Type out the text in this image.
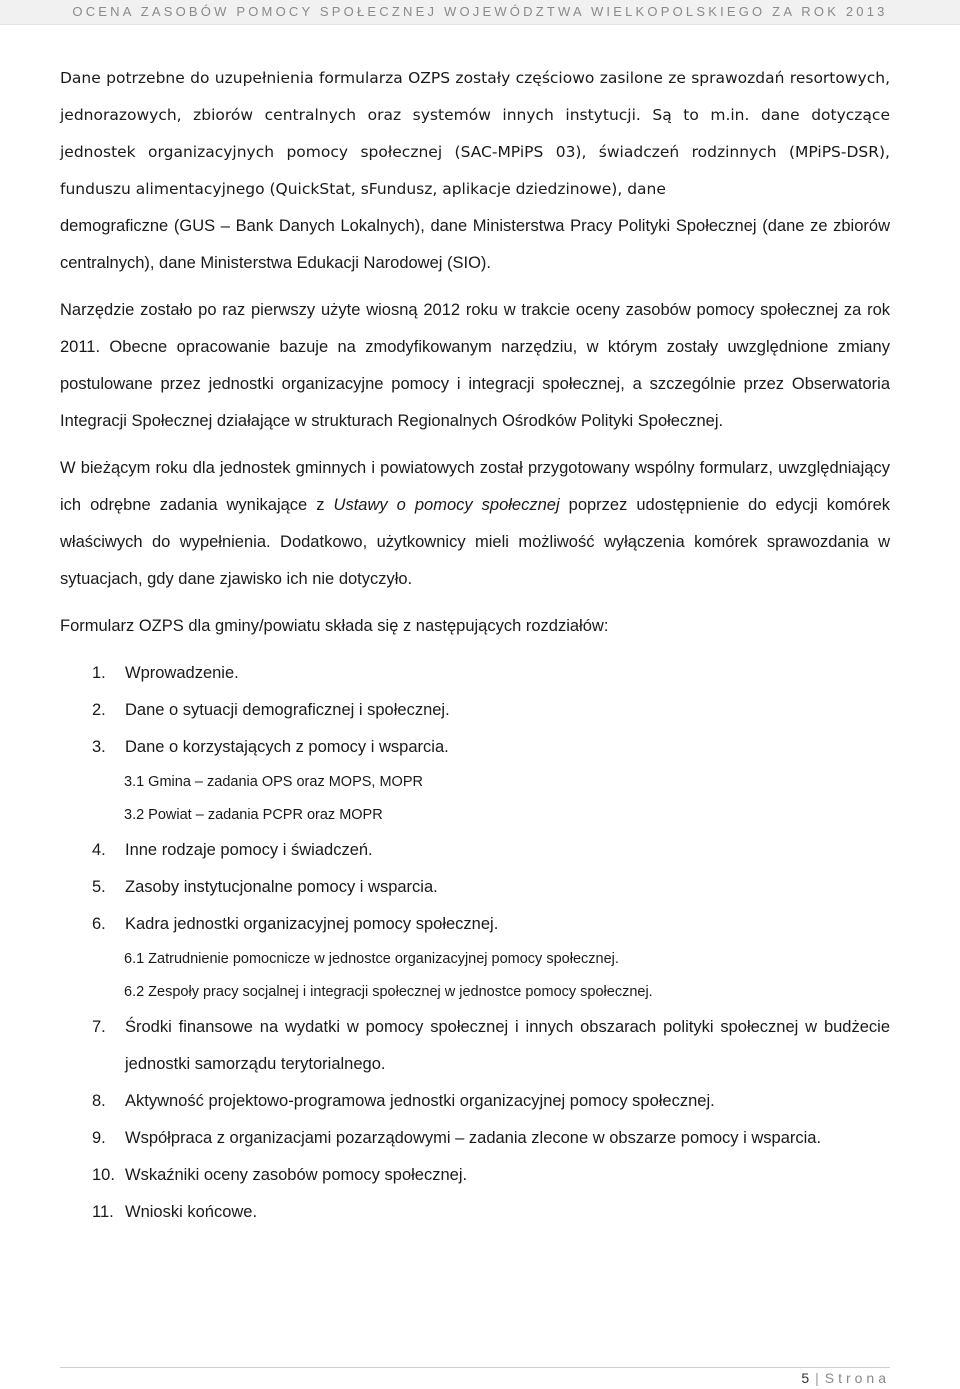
OCENA ZASOBÓW POMOCY SPOŁECZNEJ WOJEWÓDZTWA WIELKOPOLSKIEGO ZA ROK 2013

Dane potrzebne do uzupełnienia formularza OZPS zostały częściowo zasilone ze sprawozdań resortowych, jednorazowych, zbiorów centralnych oraz systemów innych instytucji. Są to m.in. dane dotyczące jednostek organizacyjnych pomocy społecznej (SAC-MPiPS 03), świadczeń rodzinnych (MPiPS-DSR), funduszu alimentacyjnego (QuickStat, sFundusz, aplikacje dziedzinowe), dane

demograficzne (GUS – Bank Danych Lokalnych), dane Ministerstwa Pracy Polityki Społecznej (dane ze zbiorów centralnych), dane Ministerstwa Edukacji Narodowej (SIO).

Narzędzie zostało po raz pierwszy użyte wiosną 2012 roku w trakcie oceny zasobów pomocy społecznej za rok 2011. Obecne opracowanie bazuje na zmodyfikowanym narzędziu, w którym zostały uwzględnione zmiany postulowane przez jednostki organizacyjne pomocy i integracji społecznej, a szczególnie przez Obserwatoria Integracji Społecznej działające w strukturach Regionalnych Ośrodków Polityki Społecznej.

W bieżącym roku dla jednostek gminnych i powiatowych został przygotowany wspólny formularz, uwzględniający ich odrębne zadania wynikające z Ustawy o pomocy społecznej poprzez udostępnienie do edycji komórek właściwych do wypełnienia. Dodatkowo, użytkownicy mieli możliwość wyłączenia komórek sprawozdania w sytuacjach, gdy dane zjawisko ich nie dotyczyło.

Formularz OZPS dla gminy/powiatu składa się z następujących rozdziałów:

1.	Wprowadzenie.
2.	Dane o sytuacji demograficznej i społecznej.
3.	Dane o korzystających z pomocy i wsparcia.
3.1 Gmina – zadania OPS oraz MOPS, MOPR
3.2 Powiat – zadania PCPR oraz MOPR
4.	Inne rodzaje pomocy i świadczeń.
5.	Zasoby instytucjonalne pomocy i wsparcia.
6.	Kadra jednostki organizacyjnej pomocy społecznej.
6.1 Zatrudnienie pomocnicze w jednostce organizacyjnej pomocy społecznej.
6.2 Zespoły pracy socjalnej i integracji społecznej w jednostce pomocy społecznej.
7.	Środki finansowe na wydatki w pomocy społecznej i innych obszarach polityki społecznej w budżecie jednostki samorządu terytorialnego.
8.	Aktywność projektowo-programowa jednostki organizacyjnej pomocy społecznej.
9.	Współpraca z organizacjami pozarządowymi – zadania zlecone w obszarze pomocy i wsparcia.
10. Wskaźniki oceny zasobów pomocy społecznej.
11. Wnioski końcowe.
5 | Strona
